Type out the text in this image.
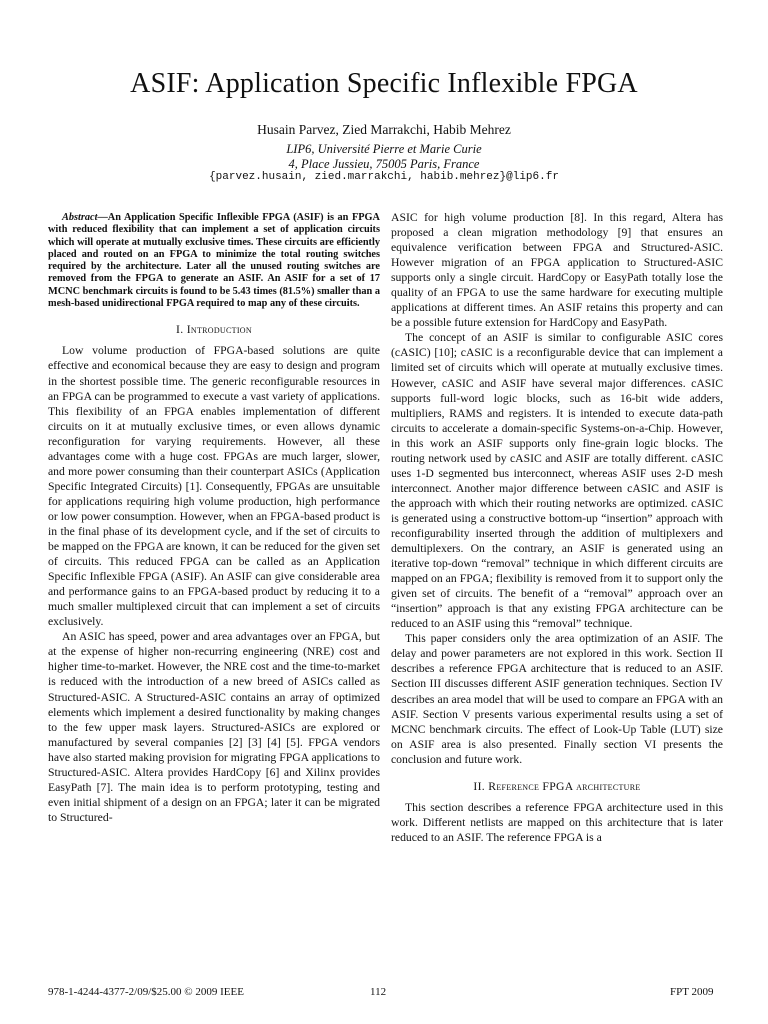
ASIF: Application Specific Inflexible FPGA
Husain Parvez, Zied Marrakchi, Habib Mehrez
LIP6, Université Pierre et Marie Curie
4, Place Jussieu, 75005 Paris, France
{parvez.husain, zied.marrakchi, habib.mehrez}@lip6.fr

Abstract—An Application Specific Inflexible FPGA (ASIF) is an FPGA with reduced flexibility that can implement a set of application circuits which will operate at mutually exclusive times. These circuits are efficiently placed and routed on an FPGA to minimize the total routing switches required by the architecture. Later all the unused routing switches are removed from the FPGA to generate an ASIF. An ASIF for a set of 17 MCNC benchmark circuits is found to be 5.43 times (81.5%) smaller than a mesh-based unidirectional FPGA required to map any of these circuits.

I. Introduction

Low volume production of FPGA-based solutions are quite effective and economical because they are easy to design and program in the shortest possible time. The generic reconfigurable resources in an FPGA can be programmed to execute a vast variety of applications. This flexibility of an FPGA enables implementation of different circuits on it at mutually exclusive times, or even allows dynamic reconfiguration for varying requirements. However, all these advantages come with a huge cost. FPGAs are much larger, slower, and more power consuming than their counterpart ASICs (Application Specific Integrated Circuits) [1]. Consequently, FPGAs are unsuitable for applications requiring high volume production, high performance or low power consumption. However, when an FPGA-based product is in the final phase of its development cycle, and if the set of circuits to be mapped on the FPGA are known, it can be reduced for the given set of circuits. This reduced FPGA can be called as an Application Specific Inflexible FPGA (ASIF). An ASIF can give considerable area and performance gains to an FPGA-based product by reducing it to a much smaller multiplexed circuit that can implement a set of circuits exclusively.

An ASIC has speed, power and area advantages over an FPGA, but at the expense of higher non-recurring engineering (NRE) cost and higher time-to-market. However, the NRE cost and the time-to-market is reduced with the introduction of a new breed of ASICs called as Structured-ASIC. A Structured-ASIC contains an array of optimized elements which implement a desired functionality by making changes to the few upper mask layers. Structured-ASICs are explored or manufactured by several companies [2] [3] [4] [5]. FPGA vendors have also started making provision for migrating FPGA applications to Structured-ASIC. Altera provides HardCopy [6] and Xilinx provides EasyPath [7]. The main idea is to perform prototyping, testing and even initial shipment of a design on an FPGA; later it can be migrated to Structured-

ASIC for high volume production [8]. In this regard, Altera has proposed a clean migration methodology [9] that ensures an equivalence verification between FPGA and Structured-ASIC. However migration of an FPGA application to Structured-ASIC supports only a single circuit. HardCopy or EasyPath totally lose the quality of an FPGA to use the same hardware for executing multiple applications at different times. An ASIF retains this property and can be a possible future extension for HardCopy and EasyPath.

The concept of an ASIF is similar to configurable ASIC cores (cASIC) [10]; cASIC is a reconfigurable device that can implement a limited set of circuits which will operate at mutually exclusive times. However, cASIC and ASIF have several major differences. cASIC supports full-word logic blocks, such as 16-bit wide adders, multipliers, RAMS and registers. It is intended to execute data-path circuits to accelerate a domain-specific Systems-on-a-Chip. However, in this work an ASIF supports only fine-grain logic blocks. The routing network used by cASIC and ASIF are totally different. cASIC uses 1-D segmented bus interconnect, whereas ASIF uses 2-D mesh interconnect. Another major difference between cASIC and ASIF is the approach with which their routing networks are optimized. cASIC is generated using a constructive bottom-up “insertion” approach with reconfigurability inserted through the addition of multiplexers and demultiplexers. On the contrary, an ASIF is generated using an iterative top-down “removal” technique in which different circuits are mapped on an FPGA; flexibility is removed from it to support only the given set of circuits. The benefit of a “removal” approach over an “insertion” approach is that any existing FPGA architecture can be reduced to an ASIF using this “removal” technique.

This paper considers only the area optimization of an ASIF. The delay and power parameters are not explored in this work. Section II describes a reference FPGA architecture that is reduced to an ASIF. Section III discusses different ASIF generation techniques. Section IV describes an area model that will be used to compare an FPGA with an ASIF. Section V presents various experimental results using a set of MCNC benchmark circuits. The effect of Look-Up Table (LUT) size on ASIF area is also presented. Finally section VI presents the conclusion and future work.

II. Reference FPGA architecture

This section describes a reference FPGA architecture used in this work. Different netlists are mapped on this architecture that is later reduced to an ASIF. The reference FPGA is a

978-1-4244-4377-2/09/$25.00 © 2009 IEEE	112	FPT 2009
